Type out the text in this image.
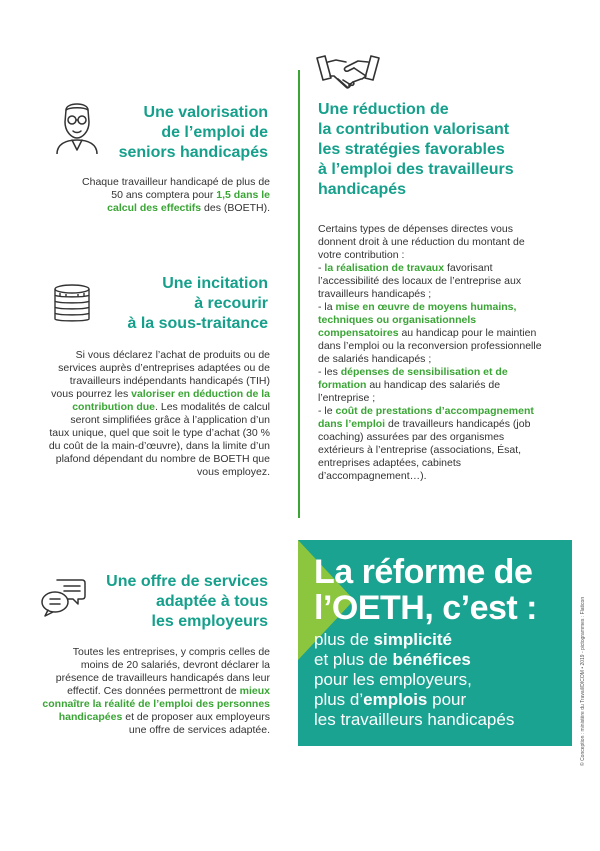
Une valorisation

de l’emploi de

seniors handicapés

Chaque travailleur handicapé de plus de 50 ans comptera pour 1,5 dans le calcul des effectifs des (BOETH).

Une incitation

à recourir

à la sous-traitance

Si vous déclarez l’achat de produits ou de services auprès d’entreprises adaptées ou de travailleurs indépendants handicapés (TIH) vous pourrez les valoriser en déduction de la contribution due. Les modalités de calcul seront simplifiées grâce à l’application d’un taux unique, quel que soit le type d’achat (30 % du coût de la main-d’œuvre), dans la limite d’un plafond dépendant du nombre de BOETH que vous employez.

Une offre de services

adaptée à tous

les employeurs

Toutes les entreprises, y compris celles de moins de 20 salariés, devront déclarer la présence de travailleurs handicapés dans leur effectif. Ces données permettront de mieux connaître la réalité de l’emploi des personnes handicapées et de proposer aux employeurs une offre de services adaptée.

Une réduction de

la contribution valorisant

les stratégies favorables

à l’emploi des travailleurs

handicapés

Certains types de dépenses directes vous donnent droit à une réduction du montant de votre contribution :

- la réalisation de travaux favorisant l’accessibilité des locaux de l’entreprise aux travailleurs handicapés ;

- la mise en œuvre de moyens humains, techniques ou organisationnels compensatoires au handicap pour le maintien dans l’emploi ou la reconversion professionnelle de salariés handicapés ;

- les dépenses de sensibilisation et de formation au handicap des salariés de l’entreprise ;

- le coût de prestations d’accompagnement dans l’emploi de travailleurs handicapés (job coaching) assurées par des organismes extérieurs à l’entreprise (associations, Ésat, entreprises adaptées, cabinets d’accompagnement…).

La réforme de

l’OETH, c’est :

plus de simplicité

et plus de bénéfices

pour les employeurs,

plus d’emplois pour

les travailleurs handicapés	© Conception : ministère du Travail/DICOM • 2019 - pictogrammes : Flaticon
